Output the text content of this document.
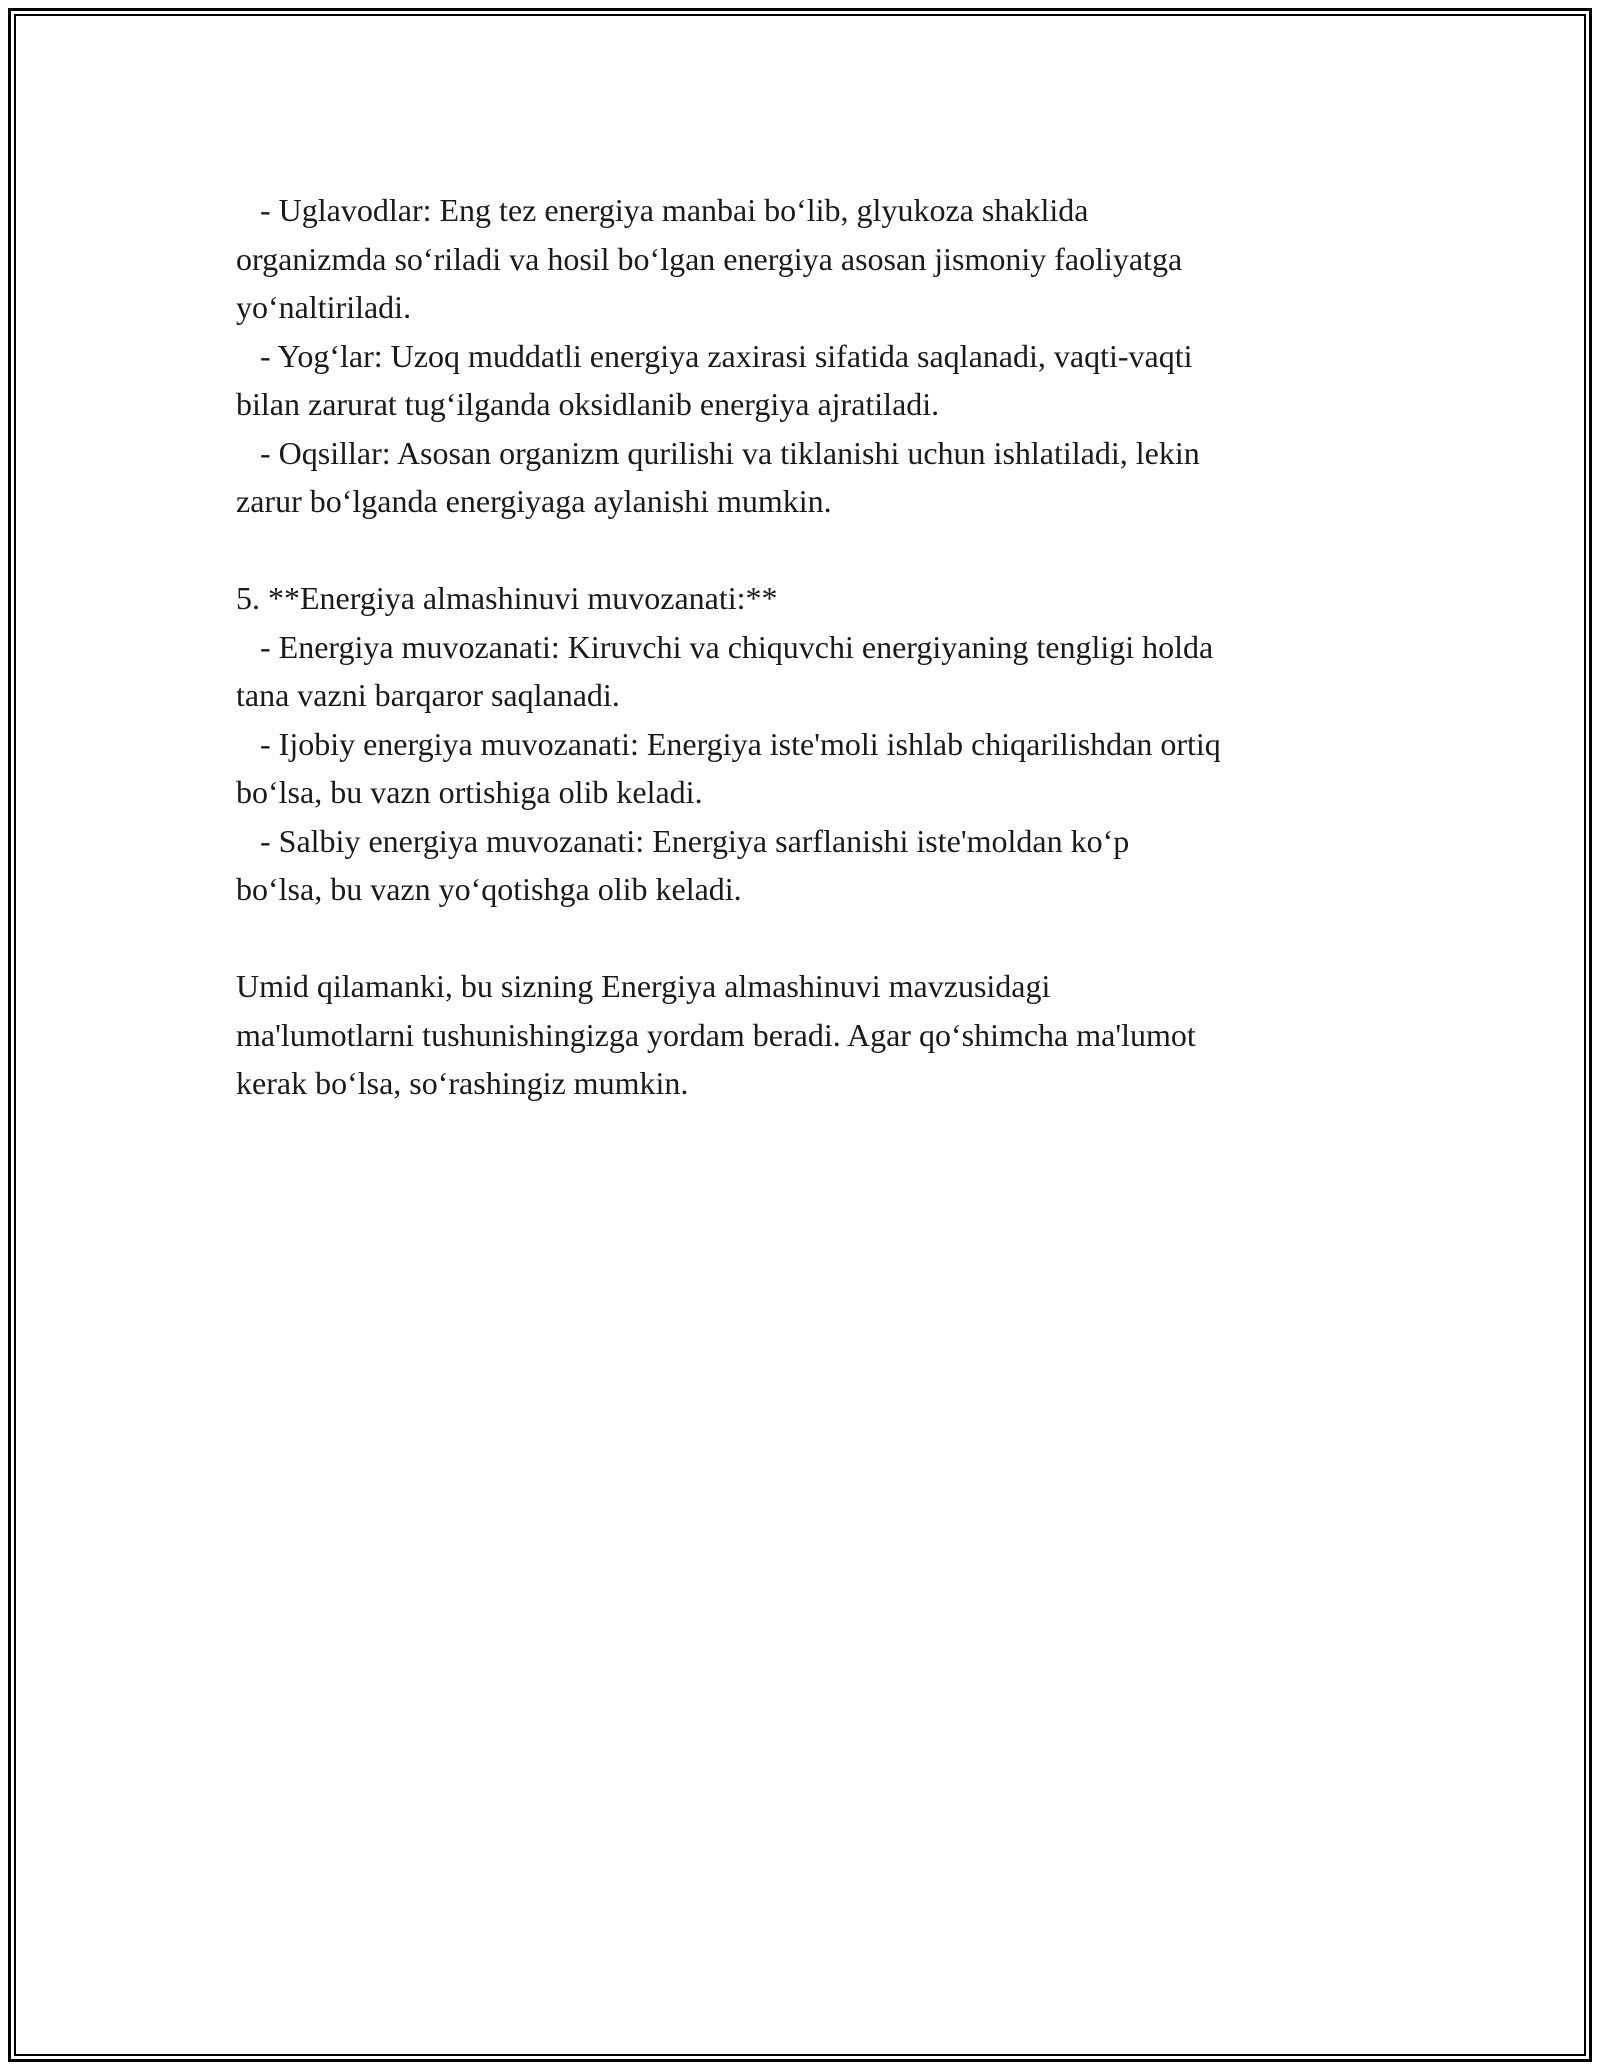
- Uglavodlar: Eng tez energiya manbai bo‘lib, glyukoza shaklida
organizmda so‘riladi va hosil bo‘lgan energiya asosan jismoniy faoliyatga
yo‘naltiriladi.

- Yog‘lar: Uzoq muddatli energiya zaxirasi sifatida saqlanadi, vaqti-vaqti
bilan zarurat tug‘ilganda oksidlanib energiya ajratiladi.

- Oqsillar: Asosan organizm qurilishi va tiklanishi uchun ishlatiladi, lekin
zarur bo‘lganda energiyaga aylanishi mumkin.

5. **Energiya almashinuvi muvozanati:**

- Energiya muvozanati: Kiruvchi va chiquvchi energiyaning tengligi holda
tana vazni barqaror saqlanadi.

- Ijobiy energiya muvozanati: Energiya iste'moli ishlab chiqarilishdan ortiq
bo‘lsa, bu vazn ortishiga olib keladi.

- Salbiy energiya muvozanati: Energiya sarflanishi iste'moldan ko‘p
bo‘lsa, bu vazn yo‘qotishga olib keladi.

Umid qilamanki, bu sizning Energiya almashinuvi mavzusidagi
ma'lumotlarni tushunishingizga yordam beradi. Agar qo‘shimcha ma'lumot
kerak bo‘lsa, so‘rashingiz mumkin.
